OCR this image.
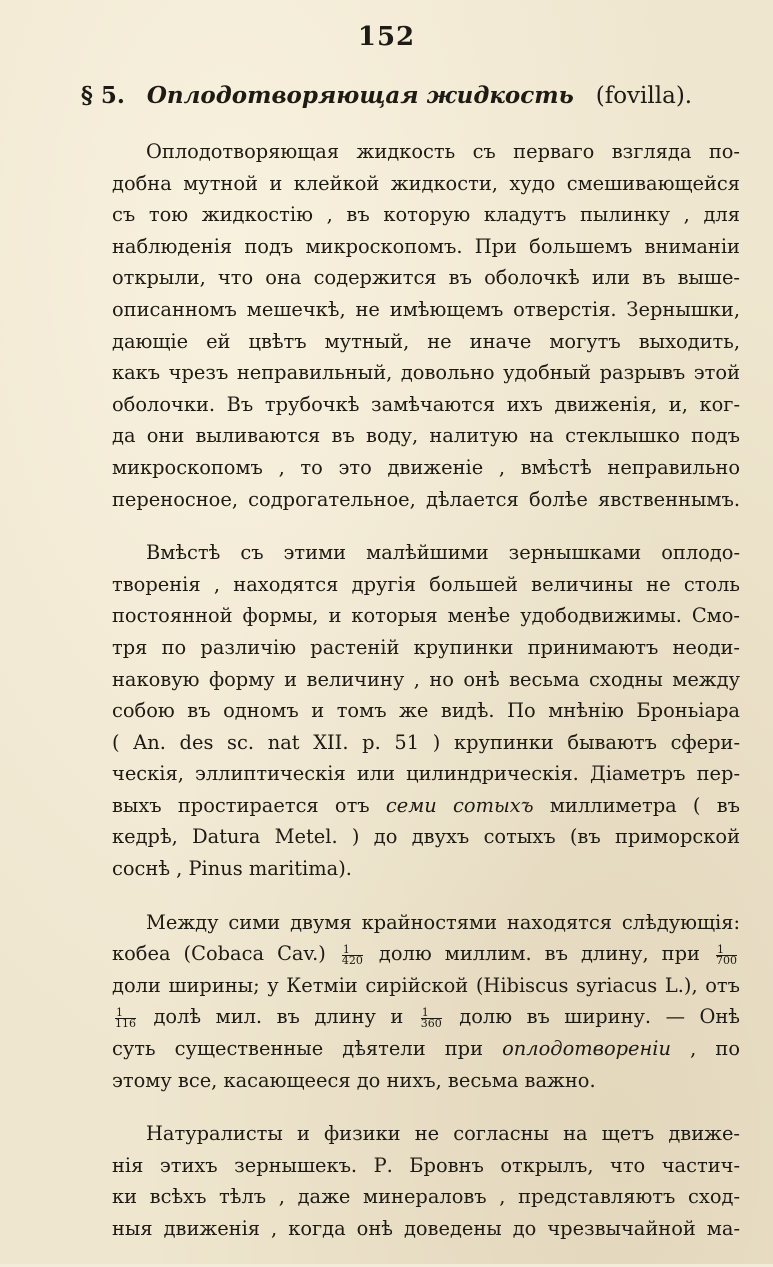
152
§ 5. Оплодотворяющая жидкость (fovilla).
Оплодотворяющая жидкость съ перваго взгляда по-
добна мутной и клейкой жидкости, худо смешивающейся
съ тою жидкостію , въ которую кладутъ пылинку , для
наблюденія подъ микроскопомъ. При большемъ вниманіи
открыли, что она содержится въ оболочкѣ или въ выше-
описанномъ мешечкѣ, не имѣющемъ отверстія. Зернышки,
дающіе ей цвѣтъ мутный, не иначе могутъ выходить,
какъ чрезъ неправильный, довольно удобный разрывъ этой
оболочки. Въ трубочкѣ замѣчаются ихъ движенія, и, ког-
да они выливаются въ воду, налитую на стеклышко подъ
микроскопомъ , то это движеніе , вмѣстѣ неправильно
переносное, содрогательное, дѣлается болѣе явственнымъ.
Вмѣстѣ съ этими малѣйшими зернышками оплодо-
творенія , находятся другія большей величины не столь
постоянной формы, и которыя менѣе удободвижимы. Смо-
тря по различію растеній крупинки принимаютъ неоди-
наковую форму и величину , но онѣ весьма сходны между
собою въ одномъ и томъ же видѣ. По мнѣнію Броньіара
( An. des sc. nat XII. p. 51 ) крупинки бываютъ сфери-
ческія, эллиптическія или цилиндрическія. Діаметръ пер-
выхъ простирается отъ семи сотыхъ миллиметра ( въ
кедрѣ, Datura Metel. ) до двухъ сотыхъ (въ приморской
соснѣ , Pinus maritima).
Между сими двумя крайностями находятся слѣдующія:
кобеа (Cobaca $Cav.) \frac{1}{420}$ долю миллим. въ длину, при $\frac{1}{700}$
доли ширины; у Кетміи сирійской (Hibiscus syriacus L.), отъ
$\frac{1}{116}$ долѣ мил. въ длину и $\frac{1}{360}$ долю въ ширину. — Онѣ
суть существенные дѣятели при оплодотвореніи , по
этому все, касающееся до нихъ, весьма важно.
Натуралисты и физики не согласны на щетъ движе-
нія этихъ зернышекъ. Р. Бровнъ открылъ, что частич-
ки всѣхъ тѣлъ , даже минераловъ , представляютъ сход-
ныя движенія , когда онѣ доведены до чрезвычайной ма-
